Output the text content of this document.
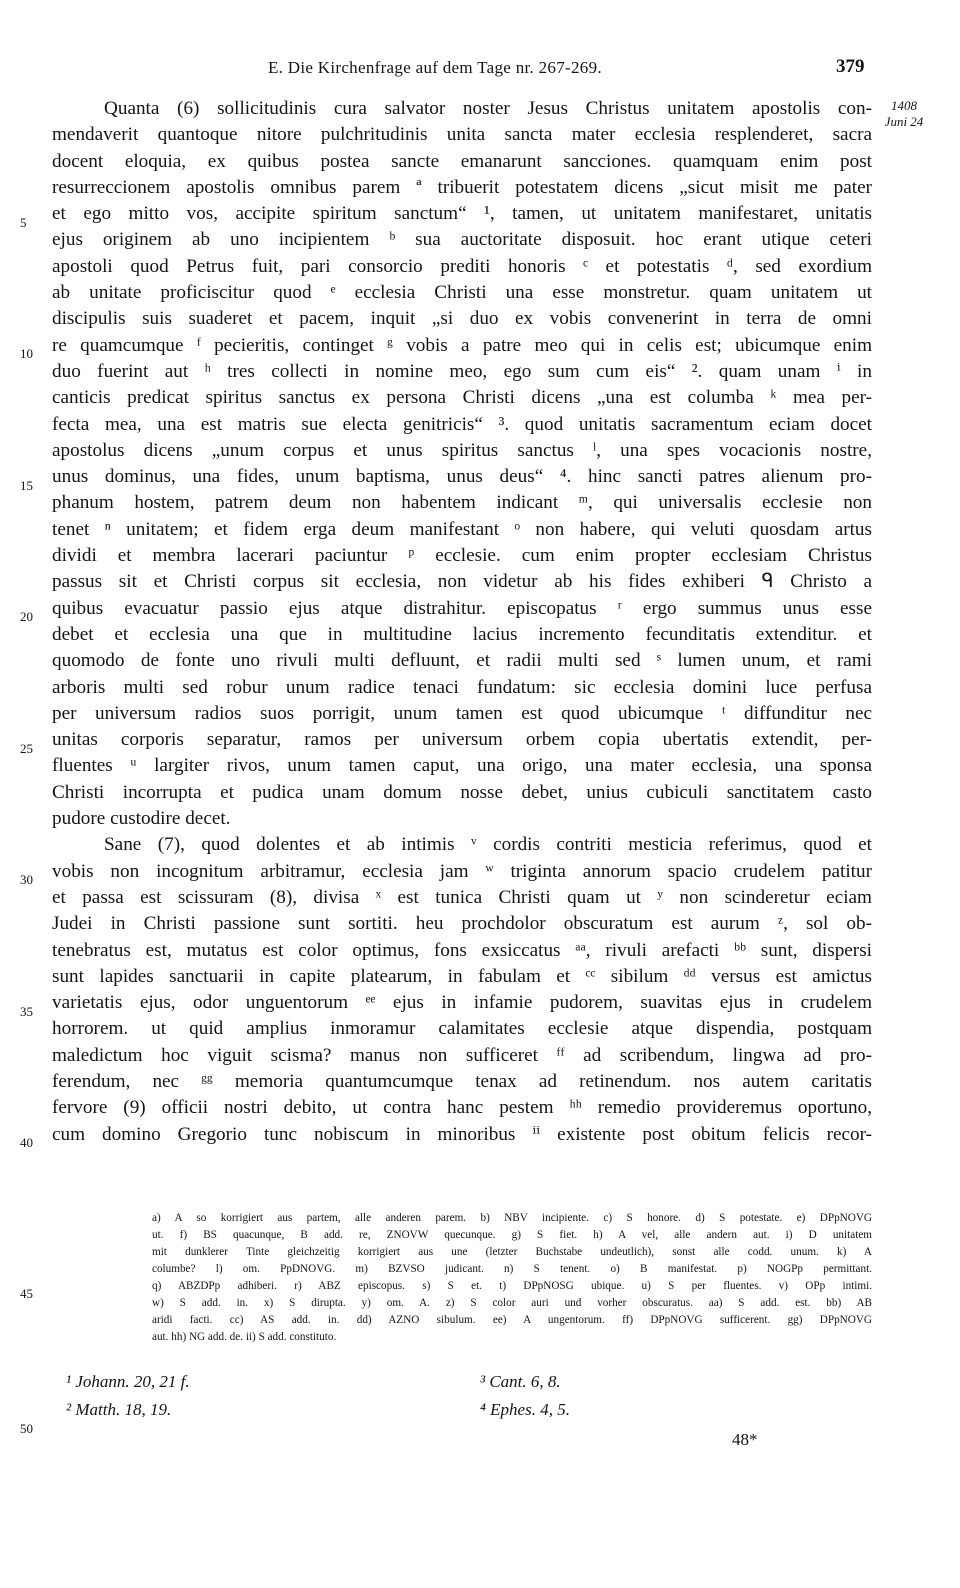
E. Die Kirchenfrage auf dem Tage nr. 267-269.	379
1408
Juni 24
5
10
15
20
25
30
35
40
45
50
Quanta (6) sollicitudinis cura salvator noster Jesus Christus unitatem apostolis con-
mendaverit quantoque nitore pulchritudinis unita sancta mater ecclesia resplenderet, sacra
docent eloquia, ex quibus postea sancte emanarunt sancciones. quamquam enim post
resurreccionem apostolis omnibus parem ª tribuerit potestatem dicens „sicut misit me pater
et ego mitto vos, accipite spiritum sanctum“ ¹, tamen, ut unitatem manifestaret, unitatis
ejus originem ab uno incipientem ᵇ sua auctoritate disposuit. hoc erant utique ceteri
apostoli quod Petrus fuit, pari consorcio prediti honoris ᶜ et potestatis ᵈ, sed exordium
ab unitate proficiscitur quod ᵉ ecclesia Christi una esse monstretur. quam unitatem ut
discipulis suis suaderet et pacem, inquit „si duo ex vobis convenerint in terra de omni
re quamcumque ᶠ pecieritis, continget ᵍ vobis a patre meo qui in celis est; ubicumque enim
duo fuerint aut ʰ tres collecti in nomine meo, ego sum cum eis“ ². quam unam ⁱ in
canticis predicat spiritus sanctus ex persona Christi dicens „una est columba ᵏ mea per-
fecta mea, una est matris sue electa genitricis“ ³. quod unitatis sacramentum eciam docet
apostolus dicens „unum corpus et unus spiritus sanctus ˡ, una spes vocacionis nostre,
unus dominus, una fides, unum baptisma, unus deus“ ⁴. hinc sancti patres alienum pro-
phanum hostem, patrem deum non habentem indicant ᵐ, qui universalis ecclesie non
tenet ⁿ unitatem; et fidem erga deum manifestant ᵒ non habere, qui veluti quosdam artus
dividi et membra lacerari paciuntur ᵖ ecclesie. cum enim propter ecclesiam Christus
passus sit et Christi corpus sit ecclesia, non videtur ab his fides exhiberi ᑫ Christo a
quibus evacuatur passio ejus atque distrahitur. episcopatus ʳ ergo summus unus esse
debet et ecclesia una que in multitudine lacius incremento fecunditatis extenditur. et
quomodo de fonte uno rivuli multi defluunt, et radii multi sed ˢ lumen unum, et rami
arboris multi sed robur unum radice tenaci fundatum: sic ecclesia domini luce perfusa
per universum radios suos porrigit, unum tamen est quod ubicumque ᵗ diffunditur nec
unitas corporis separatur, ramos per universum orbem copia ubertatis extendit, per-
fluentes ᵘ largiter rivos, unum tamen caput, una origo, una mater ecclesia, una sponsa
Christi incorrupta et pudica unam domum nosse debet, unius cubiculi sanctitatem casto
pudore custodire decet.
Sane (7), quod dolentes et ab intimis ᵛ cordis contriti mesticia referimus, quod et
vobis non incognitum arbitramur, ecclesia jam ʷ triginta annorum spacio crudelem patitur
et passa est scissuram (8), divisa ˣ est tunica Christi quam ut ʸ non scinderetur eciam
Judei in Christi passione sunt sortiti. heu prochdolor obscuratum est aurum ᶻ, sol ob-
tenebratus est, mutatus est color optimus, fons exsiccatus ᵃᵃ, rivuli arefacti ᵇᵇ sunt, dispersi
sunt lapides sanctuarii in capite platearum, in fabulam et ᶜᶜ sibilum ᵈᵈ versus est amictus
varietatis ejus, odor unguentorum ᵉᵉ ejus in infamie pudorem, suavitas ejus in crudelem
horrorem. ut quid amplius inmoramur calamitates ecclesie atque dispendia, postquam
maledictum hoc viguit scisma? manus non sufficeret ᶠᶠ ad scribendum, lingwa ad pro-
ferendum, nec ᵍᵍ memoria quantumcumque tenax ad retinendum. nos autem caritatis
fervore (9) officii nostri debito, ut contra hanc pestem ʰʰ remedio provideremus oportuno,
cum domino Gregorio tunc nobiscum in minoribus ⁱⁱ existente post obitum felicis recor-
a) A so korrigiert aus partem, alle anderen parem. b) NBV incipiente. c) S honore. d) S potestate. e) DPpNOVG
ut. f) BS quacunque, B add. re, ZNOVW quecunque. g) S fiet. h) A vel, alle andern aut. i) D unitatem
mit dunklerer Tinte gleichzeitig korrigiert aus une (letzter Buchstabe undeutlich), sonst alle codd. unum. k) A
columbe? l) om. PpDNOVG. m) BZVSO judicant. n) S tenent. o) B manifestat. p) NOGPp permittant.
q) ABZDPp adhiberi. r) ABZ episcopus. s) S et. t) DPpNOSG ubique. u) S per fluentes. v) OPp intimi.
w) S add. in. x) S dirupta. y) om. A. z) S color auri und vorher obscuratus. aa) S add. est. bb) AB
aridi facti. cc) AS add. in. dd) AZNO sibulum. ee) A ungentorum. ff) DPpNOVG sufficerent. gg) DPpNOVG
aut. hh) NG add. de. ii) S add. constituto.
¹ Johann. 20, 21 f.
² Matth. 18, 19.
³ Cant. 6, 8.
⁴ Ephes. 4, 5.
48*
